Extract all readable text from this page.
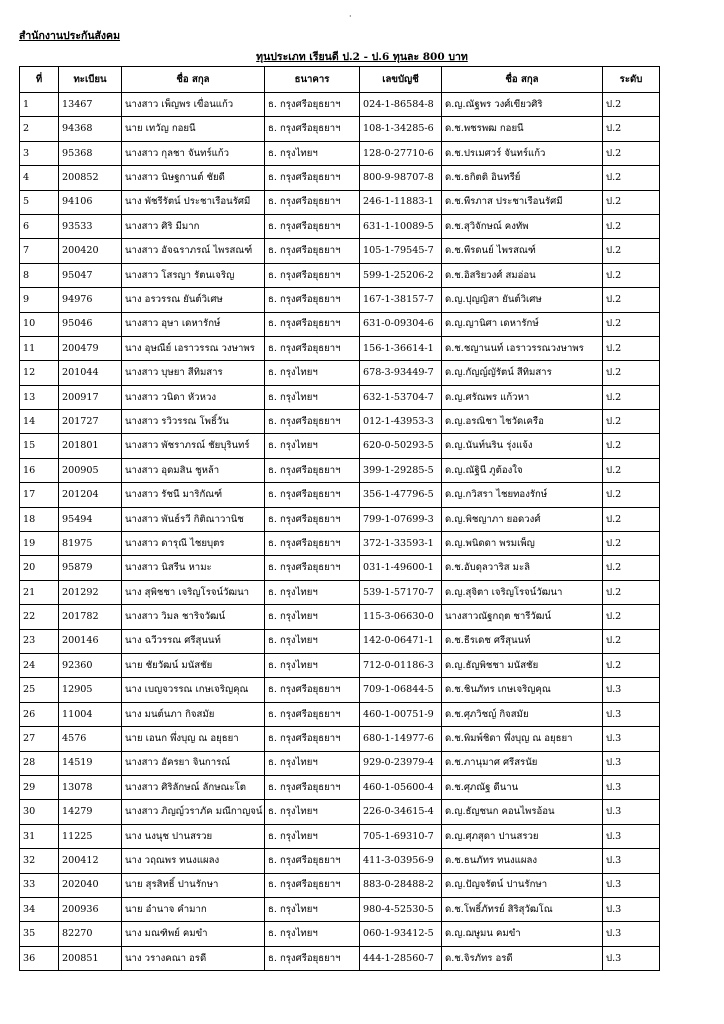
·
สำนักงานประกันสังคม
ทุนประเภท เรียนดี ป.2 - ป.6 ทุนละ 800 บาท
ที่	ทะเบียน	ชื่อ สกุล	ธนาคาร	เลขบัญชี	ชื่อ สกุล	ระดับ
1	13467	นางสาว เพ็ญพร เขื่อนแก้ว	ธ. กรุงศรีอยุธยาฯ	024-1-86584-8	ด.ญ.ณัฐพร วงศ์เขียวศิริ	ป.2
2	94368	นาย เทวัญ กอยนี	ธ. กรุงศรีอยุธยาฯ	108-1-34285-6	ด.ช.พชรพฒ กอยนี	ป.2
3	95368	นางสาว กุลชา จันทร์แก้ว	ธ. กรุงไทยฯ	128-0-27710-6	ด.ช.ปรเมศวร์ จันทร์แก้ว	ป.2
4	200852	นางสาว นิษฐกานต์ ชัยดี	ธ. กรุงศรีอยุธยาฯ	800-9-98707-8	ด.ช.ธกิตติ อินทรีย์	ป.2
5	94106	นาง พัชรีรัตน์ ประชาเรือนรัศมี	ธ. กรุงศรีอยุธยาฯ	246-1-11883-1	ด.ช.พีรภาส ประชาเรือนรัศมี	ป.2
6	93533	นางสาว ศิริ มีมาก	ธ. กรุงศรีอยุธยาฯ	631-1-10089-5	ด.ช.สุวิจักษณ์ คงทัพ	ป.2
7	200420	นางสาว อัจฉราภรณ์ ไพรสณฑ์	ธ. กรุงศรีอยุธยาฯ	105-1-79545-7	ด.ช.พีรดนย์ ไพรสณฑ์	ป.2
8	95047	นางสาว โสรญา รัตนเจริญ	ธ. กรุงศรีอยุธยาฯ	599-1-25206-2	ด.ช.อิสริยวงศ์ สมอ่อน	ป.2
9	94976	นาง อรวรรณ ยันต์วิเศษ	ธ. กรุงศรีอยุธยาฯ	167-1-38157-7	ด.ญ.ปุญญิสา ยันต์วิเศษ	ป.2
10	95046	นางสาว อุษา เดหารักษ์	ธ. กรุงศรีอยุธยาฯ	631-0-09304-6	ด.ญ.ญานิศา เดหารักษ์	ป.2
11	200479	นาง อุษณีย์ เอราวรรณ วงษาพร	ธ. กรุงศรีอยุธยาฯ	156-1-36614-1	ด.ช.ชญานนท์ เอราวรรณวงษาพร	ป.2
12	201044	นางสาว บุษยา สีทิมสาร	ธ. กรุงไทยฯ	678-3-93449-7	ด.ญ.กัญญ์ญัรัตน์ สีทิมสาร	ป.2
13	200917	นางสาว วนิดา หัวหวง	ธ. กรุงไทยฯ	632-1-53704-7	ด.ญ.ศรัณพร แก้วหา	ป.2
14	201727	นางสาว รวิวรรณ โพธิ์วัน	ธ. กรุงศรีอยุธยาฯ	012-1-43953-3	ด.ญ.อรณิชา ไชวัดเครือ	ป.2
15	201801	นางสาว พัชราภรณ์ ชัยบุรินทร์	ธ. กรุงไทยฯ	620-0-50293-5	ด.ญ.นันท์นริน รุ่งแจ้ง	ป.2
16	200905	นางสาว อุดมสิน ชูหล้า	ธ. กรุงศรีอยุธยาฯ	399-1-29285-5	ด.ญ.ณัฐินี ภูต้องใจ	ป.2
17	201204	นางสาว รัชนี มาริกัณฑ์	ธ. กรุงศรีอยุธยาฯ	356-1-47796-5	ด.ญ.กวิสรา ไชยทองรักษ์	ป.2
18	95494	นางสาว พันธ์รวี กิติณาวานิช	ธ. กรุงศรีอยุธยาฯ	799-1-07699-3	ด.ญ.พิชญาภา ยอดวงศ์	ป.2
19	81975	นางสาว ดารุณี ไชยบุตร	ธ. กรุงศรีอยุธยาฯ	372-1-33593-1	ด.ญ.พนิดดา พรมเพ็ญ	ป.2
20	95879	นางสาว นิสรีน หามะ	ธ. กรุงศรีอยุธยาฯ	031-1-49600-1	ด.ช.อับดุลวาริส มะลิ	ป.2
21	201292	นาง สุพิชชา เจริญโรจน์วัฒนา	ธ. กรุงไทยฯ	539-1-57170-7	ด.ญ.สุจิตา เจริญโรจน์วัฒนา	ป.2
22	201782	นางสาว วิมล ชาริจวัฒน์	ธ. กรุงไทยฯ	115-3-06630-0	นางสาวณัฐกฤต ชารีวัฒน์	ป.2
23	200146	นาง ฉวีวรรณ ศรีสุนนท์	ธ. กรุงไทยฯ	142-0-06471-1	ด.ช.ธีรเดช ศรีสุนนท์	ป.2
24	92360	นาย ชัยวัฒน์ มนัสชัย	ธ. กรุงไทยฯ	712-0-01186-3	ด.ญ.ธัญพิชชา มนัสชัย	ป.2
25	12905	นาง เบญจวรรณ เกษเจริญคุณ	ธ. กรุงศรีอยุธยาฯ	709-1-06844-5	ด.ช.ชินภัทร เกษเจริญคุณ	ป.3
26	11004	นาง มนต์นภา กิจสมัย	ธ. กรุงศรีอยุธยาฯ	460-1-00751-9	ด.ช.ศุภวิชญ์ กิจสมัย	ป.3
27	4576	นาย เอนก พึ่งบุญ ณ อยุธยา	ธ. กรุงศรีอยุธยาฯ	680-1-14977-6	ด.ช.พิมพ์ชิดา พึ่งบุญ ณ อยุธยา	ป.3
28	14519	นางสาว อัครยา จินการณ์	ธ. กรุงไทยฯ	929-0-23979-4	ด.ช.ภานุมาศ ศรีสรนัย	ป.3
29	13078	นางสาว ศิริลักษณ์ ลักษณะโต	ธ. กรุงศรีอยุธยาฯ	460-1-05600-4	ด.ช.ศุภณัฐ ดีนาน	ป.3
30	14279	นางสาว ภิญญ์วราภัค มณีกาญจน์	ธ. กรุงไทยฯ	226-0-34615-4	ด.ญ.ธัญชนก คอนไพรอ้อน	ป.3
31	11225	นาง นงนุช ปานสรวย	ธ. กรุงไทยฯ	705-1-69310-7	ด.ญ.ศุภสุดา ปานสรวย	ป.3
32	200412	นาง วฤณพร ทนงแผลง	ธ. กรุงศรีอยุธยาฯ	411-3-03956-9	ด.ช.ธนภัทร ทนงแผลง	ป.3
33	202040	นาย สุรสิทธิ์ ปานรักษา	ธ. กรุงศรีอยุธยาฯ	883-0-28488-2	ด.ญ.ปัญจรัตน์ ปานรักษา	ป.3
34	200936	นาย อำนาจ คำมาก	ธ. กรุงไทยฯ	980-4-52530-5	ด.ช.โพธิ์ภัทรย์ สิริสุวัฒโณ	ป.3
35	82270	นาง มณฑิพย์ คมขำ	ธ. กรุงไทยฯ	060-1-93412-5	ด.ญ.ฌษูมน คมขำ	ป.3
36	200851	นาง วรางคณา อรดี	ธ. กรุงศรีอยุธยาฯ	444-1-28560-7	ด.ช.จิรภัทร อรดี	ป.3
